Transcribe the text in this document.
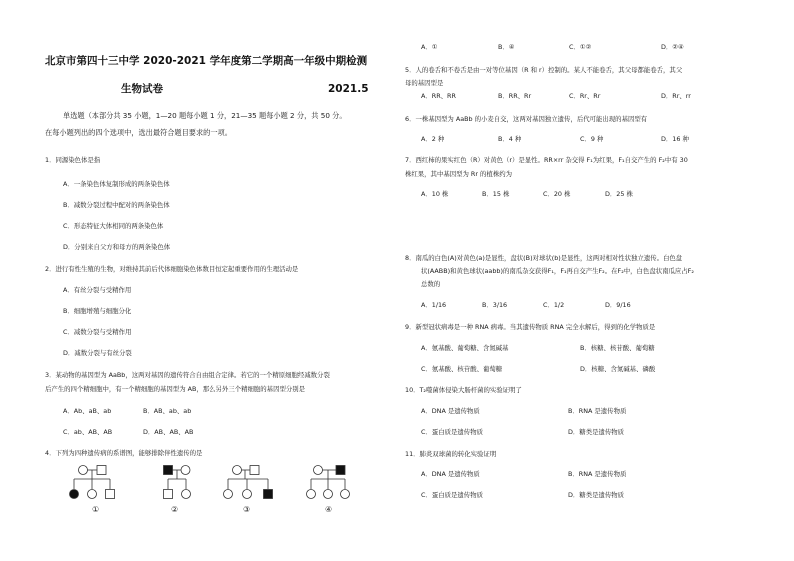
北京市第四十三中学 2020-2021 学年度第二学期高一年级中期检测
生物试卷	2021.5
单选题（本部分共 35 小题，1—20 题每小题 1 分，21—35 题每小题 2 分，共 50 分。
在每小题列出的四个选项中，选出最符合题目要求的一项。
1．同源染色体是指
A．一条染色体复制形成的两条染色体
B．减数分裂过程中配对的两条染色体
C．形态特征大体相同的两条染色体
D．分别来自父方和母方的两条染色体
2．进行有性生殖的生物，对维持其前后代体细胞染色体数目恒定起重要作用的生理活动是
A．有丝分裂与受精作用
B．细胞增殖与细胞分化
C．减数分裂与受精作用
D．减数分裂与有丝分裂
3．某动物的基因型为 AaBb，这两对基因的遗传符合自由组合定律。若它的一个精原细胞经减数分裂
后产生的四个精细胞中，有一个精细胞的基因型为 AB，那么另外三个精细胞的基因型分别是
A．Ab、aB、ab	B．AB、ab、ab
C．ab、AB、AB	D．AB、AB、AB
4．下列为四种遗传病的系谱图，能够排除伴性遗传的是
①	②	③	④
A．①	B．④	C．①②	D．②④
5．人的卷舌和不卷舌是由一对等位基因（R 和 r）控制的。某人不能卷舌，其父母都能卷舌，其父
母的基因型是
A．RR、RR	B．RR、Rr	C．Rr、Rr	D．Rr、rr
6．一株基因型为 AaBb 的小麦自交，这两对基因独立遗传，后代可能出现的基因型有
A．2 种	B．4 种	C．9 种	D．16 种
7．西红柿的果实红色（R）对黄色（r）是显性。RR×rr 杂交得 F₁为红果，F₁自交产生的 F₂中有 30
株红果，其中基因型为 Rr 的植株约为
A．10 株	B．15 株	C．20 株	D．25 株
8．南瓜的白色(A)对黄色(a)是显性，盘状(B)对球状(b)是显性，这两对相对性状独立遗传。白色盘
状(AABB)和黄色球状(aabb)的南瓜杂交获得F₁，F₁再自交产生F₂。在F₂中，白色盘状南瓜应占F₂
总数的
A．1/16	B．3/16	C．1/2	D．9/16
9．新型冠状病毒是一种 RNA 病毒。当其遗传物质 RNA 完全水解后，得到的化学物质是
A．氨基酸、葡萄糖、含氮碱基	B．核糖、核苷酸、葡萄糖
C．氨基酸、核苷酸、葡萄糖	D．核糖、含氮碱基、磷酸
10．T₂噬菌体侵染大肠杆菌的实验证明了
A．DNA 是遗传物质	B．RNA 是遗传物质
C．蛋白质是遗传物质	D．糖类是遗传物质
11．肺炎双球菌的转化实验证明
A．DNA 是遗传物质	B．RNA 是遗传物质
C．蛋白质是遗传物质	D．糖类是遗传物质
